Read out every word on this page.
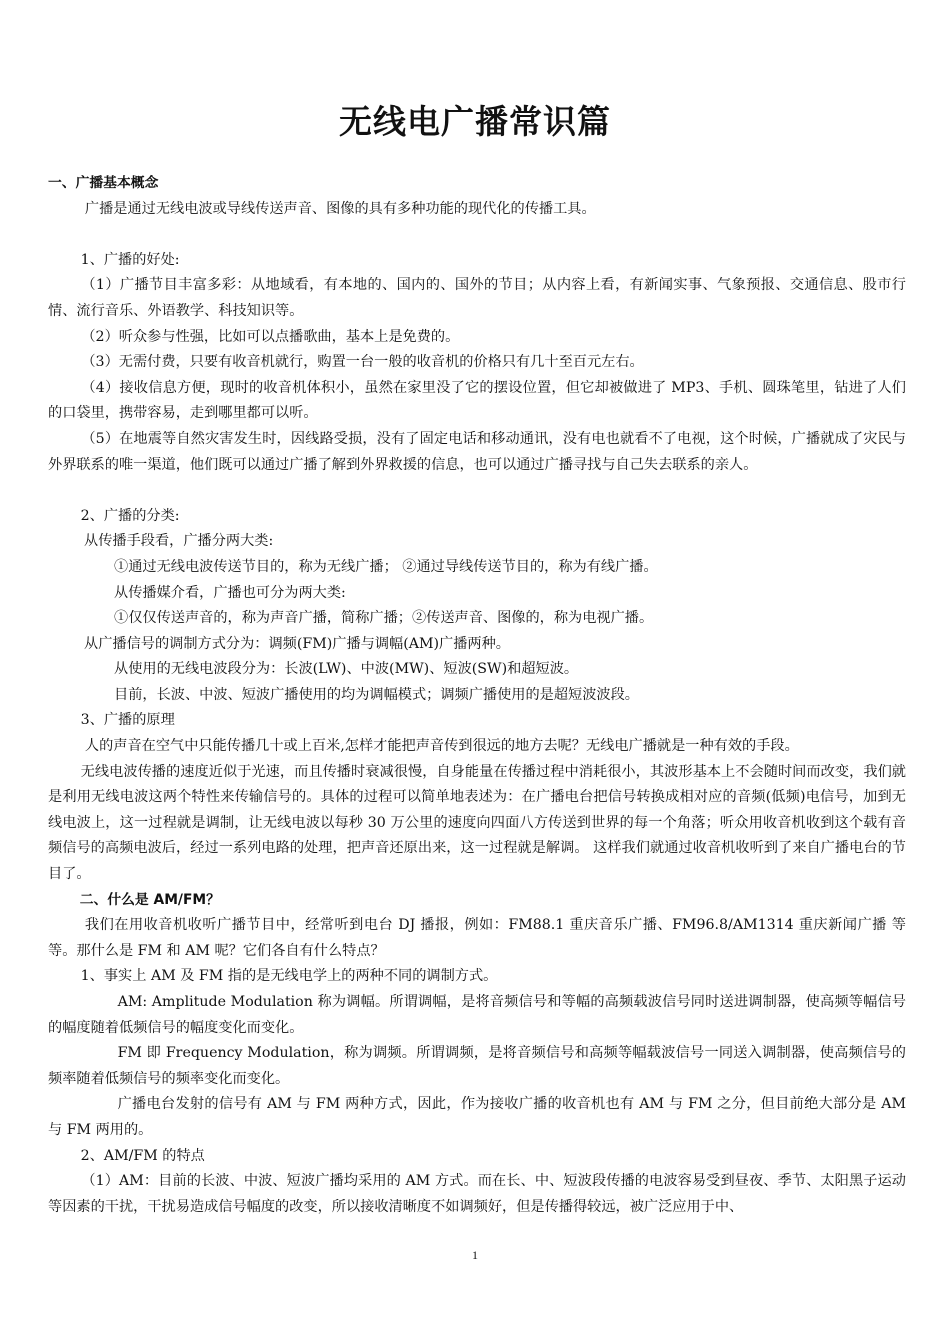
无线电广播常识篇

一、广播基本概念

广播是通过无线电波或导线传送声音、图像的具有多种功能的现代化的传播工具。

1、广播的好处:

（1）广播节目丰富多彩：从地域看，有本地的、国内的、国外的节目；从内容上看，有新闻实事、气象预报、交通信息、股市行情、流行音乐、外语教学、科技知识等。

（2）听众参与性强，比如可以点播歌曲，基本上是免费的。

（3）无需付费，只要有收音机就行，购置一台一般的收音机的价格只有几十至百元左右。

（4）接收信息方便，现时的收音机体积小，虽然在家里没了它的摆设位置，但它却被做进了 MP3、手机、圆珠笔里，钻进了人们的口袋里，携带容易，走到哪里都可以听。

（5）在地震等自然灾害发生时，因线路受损，没有了固定电话和移动通讯，没有电也就看不了电视，这个时候，广播就成了灾民与外界联系的唯一渠道，他们既可以通过广播了解到外界救援的信息，也可以通过广播寻找与自己失去联系的亲人。

2、广播的分类:

从传播手段看，广播分两大类:

①通过无线电波传送节目的，称为无线广播； ②通过导线传送节目的，称为有线广播。

从传播媒介看，广播也可分为两大类:

①仅仅传送声音的，称为声音广播，简称广播；②传送声音、图像的，称为电视广播。

从广播信号的调制方式分为：调频(FM)广播与调幅(AM)广播两种。

从使用的无线电波段分为：长波(LW)、中波(MW)、短波(SW)和超短波。

目前，长波、中波、短波广播使用的均为调幅模式；调频广播使用的是超短波波段。

3、广播的原理

人的声音在空气中只能传播几十或上百米,怎样才能把声音传到很远的地方去呢？无线电广播就是一种有效的手段。

无线电波传播的速度近似于光速，而且传播时衰减很慢，自身能量在传播过程中消耗很小，其波形基本上不会随时间而改变，我们就是利用无线电波这两个特性来传输信号的。具体的过程可以简单地表述为：在广播电台把信号转换成相对应的音频(低频)电信号，加到无线电波上，这一过程就是调制，让无线电波以每秒 30 万公里的速度向四面八方传送到世界的每一个角落；听众用收音机收到这个载有音频信号的高频电波后，经过一系列电路的处理，把声音还原出来，这一过程就是解调。 这样我们就通过收音机收听到了来自广播电台的节目了。

二、什么是 AM/FM？

我们在用收音机收听广播节目中，经常听到电台 DJ 播报，例如：FM88.1 重庆音乐广播、FM96.8/AM1314 重庆新闻广播 等等。那什么是 FM 和 AM 呢？它们各自有什么特点？

1、事实上 AM 及 FM 指的是无线电学上的两种不同的调制方式。

AM: Amplitude Modulation 称为调幅。所谓调幅，是将音频信号和等幅的高频载波信号同时送进调制器，使高频等幅信号的幅度随着低频信号的幅度变化而变化。

FM 即 Frequency Modulation，称为调频。所谓调频，是将音频信号和高频等幅载波信号一同送入调制器，使高频信号的频率随着低频信号的频率变化而变化。

广播电台发射的信号有 AM 与 FM 两种方式，因此，作为接收广播的收音机也有 AM 与 FM 之分，但目前绝大部分是 AM 与 FM 两用的。

2、AM/FM 的特点

（1）AM：目前的长波、中波、短波广播均采用的 AM 方式。而在长、中、短波段传播的电波容易受到昼夜、季节、太阳黑子运动等因素的干扰，干扰易造成信号幅度的改变，所以接收清晰度不如调频好，但是传播得较远，被广泛应用于中、

1
